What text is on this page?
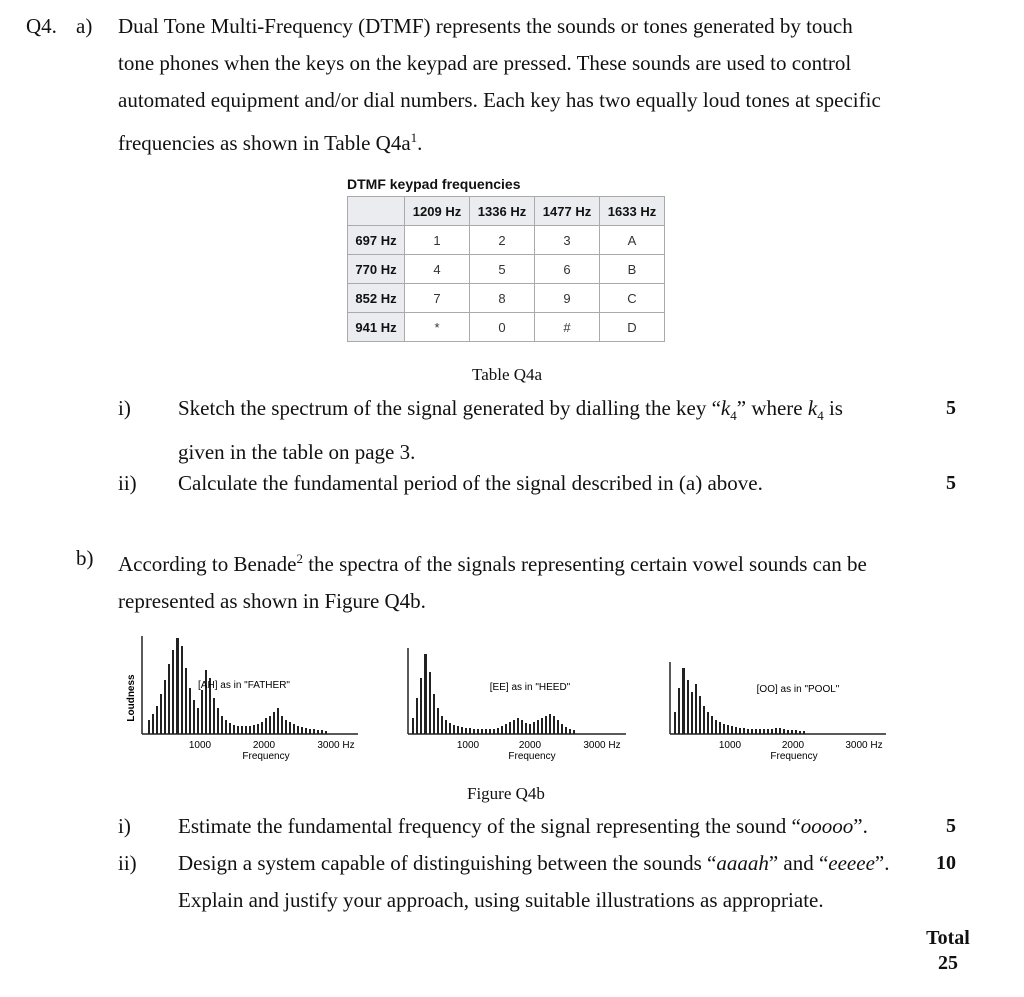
Q4. a) Dual Tone Multi-Frequency (DTMF) represents the sounds or tones generated by touch
tone phones when the keys on the keypad are pressed. These sounds are used to control
automated equipment and/or dial numbers. Each key has two equally loud tones at specific
frequencies as shown in Table $Q4a^1$.
DTMF keypad frequencies
	1209 Hz	1336 Hz	1477 Hz	1633 Hz
697 Hz	1	2	3	A
770 Hz	4	5	6	B
852 Hz	7	8	9	C
941 Hz	*	0	#	D
Table Q4a
i) Sketch the spectrum of the signal generated by dialling the key “$k_4$” where $k_4$ is
given in the table on page 3.
5
ii) Calculate the fundamental period of the signal described in (a) above.	5
b) According to Benade$^2$ the spectra of the signals representing certain vowel sounds can be
represented as shown in Figure Q4b.
Loudness	[AH] as in "FATHER"
1000	2000	3000 Hz
Frequency
[EE] as in "HEED"
1000	2000	3000 Hz
Frequency
[OO] as in "POOL"
1000	2000	3000 Hz
Frequency
Figure Q4b
i) Estimate the fundamental frequency of the signal representing the sound “ooooo”.	5
ii) Design a system capable of distinguishing between the sounds “aaaah” and “eeeee”.
Explain and justify your approach, using suitable illustrations as appropriate.
10
Total
25
